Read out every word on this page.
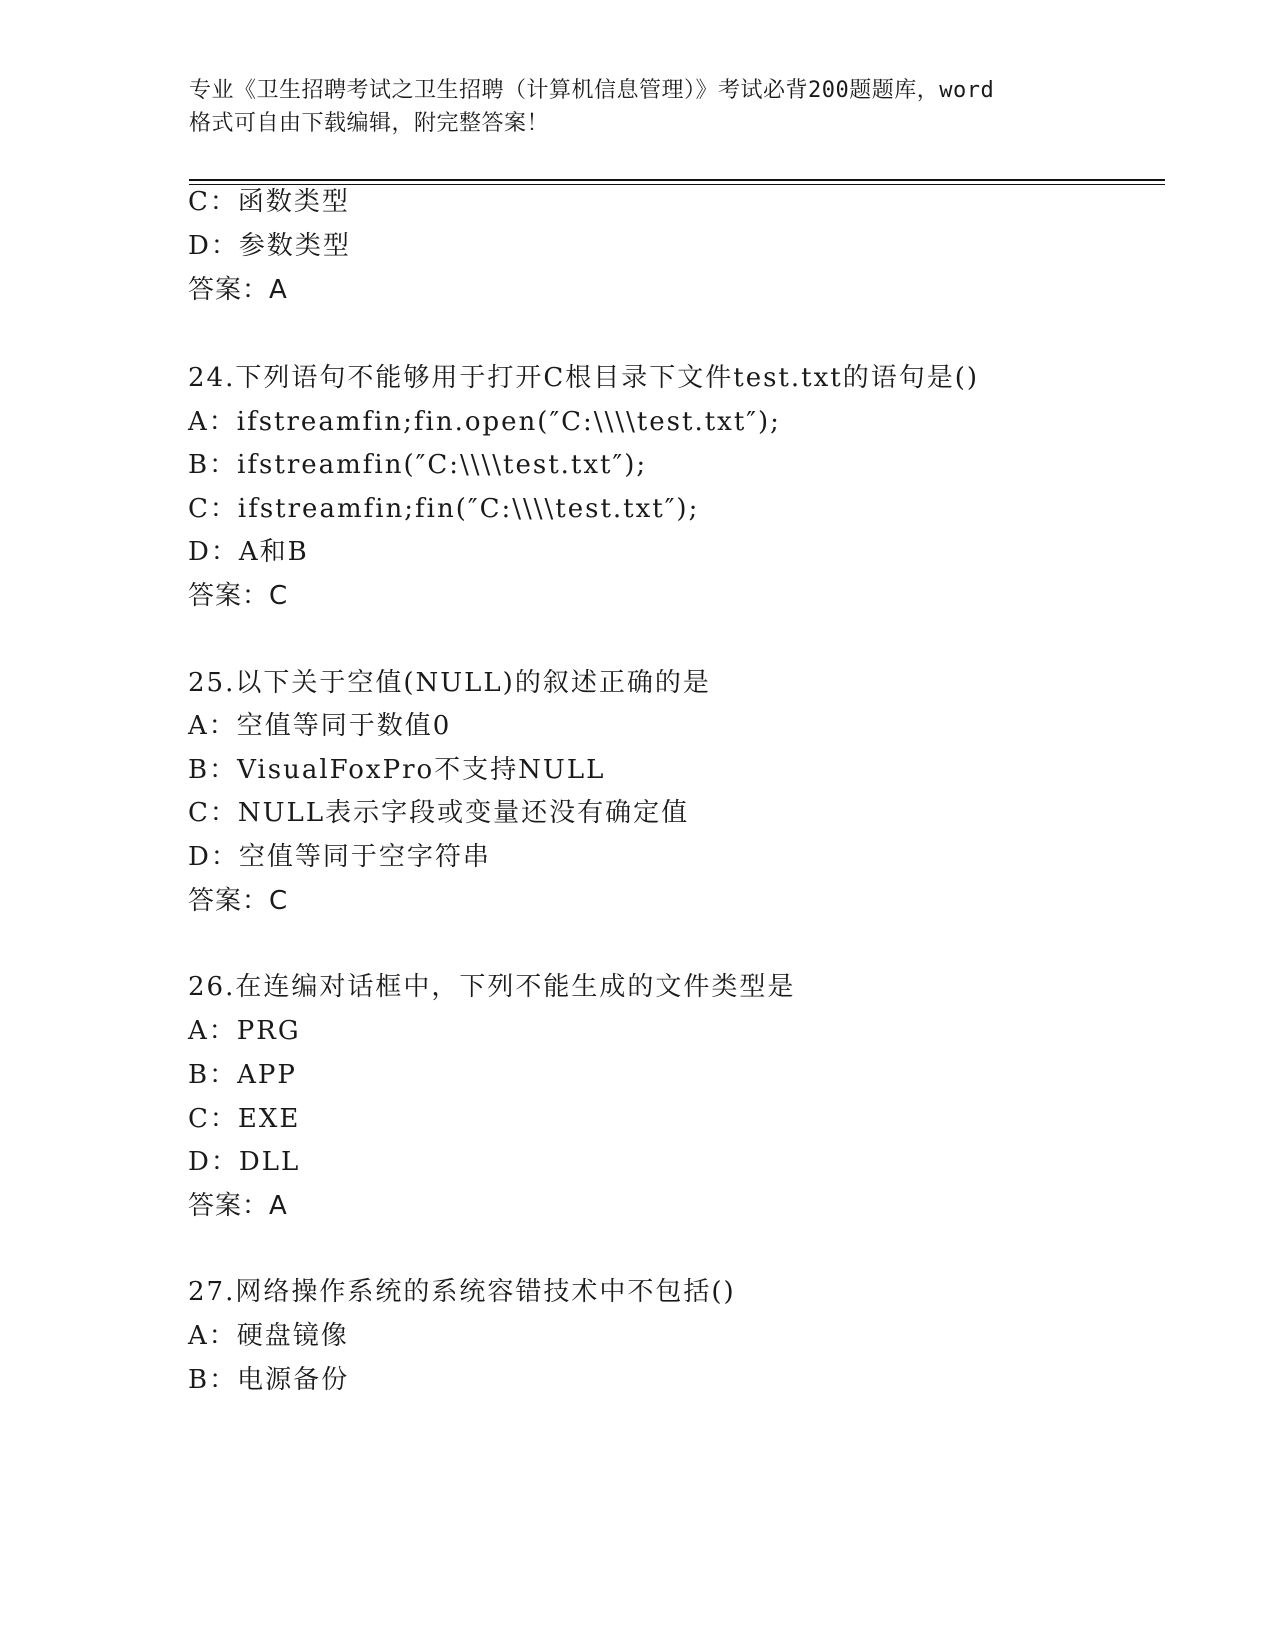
专业《卫生招聘考试之卫生招聘（计算机信息管理）》考试必背200题题库，word
格式可自由下载编辑，附完整答案！
C：函数类型
D：参数类型
答案：A
24.下列语句不能够用于打开C根目录下文件test.txt的语句是()
A：ifstreamfin;fin.open(″C:\\\\test.txt″);
B：ifstreamfin(″C:\\\\test.txt″);
C：ifstreamfin;fin(″C:\\\\test.txt″);
D：A和B
答案：C
25.以下关于空值(NULL)的叙述正确的是
A：空值等同于数值0
B：VisualFoxPro不支持NULL
C：NULL表示字段或变量还没有确定值
D：空值等同于空字符串
答案：C
26.在连编对话框中，下列不能生成的文件类型是
A：PRG
B：APP
C：EXE
D：DLL
答案：A
27.网络操作系统的系统容错技术中不包括()
A：硬盘镜像
B：电源备份
